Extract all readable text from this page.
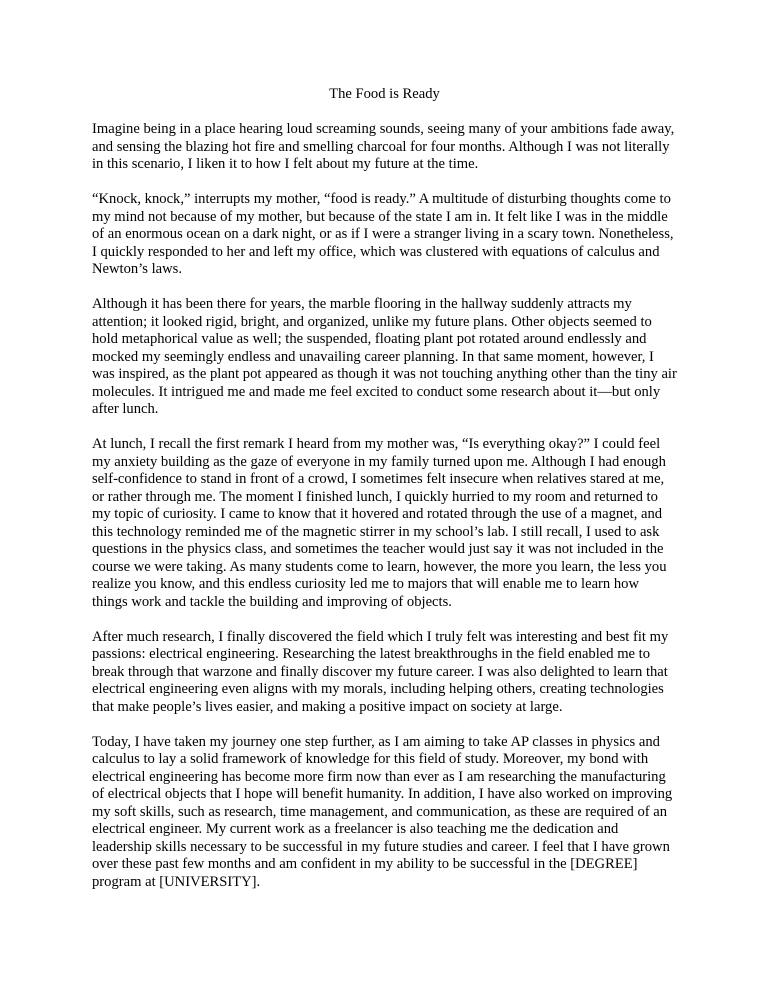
The Food is Ready

Imagine being in a place hearing loud screaming sounds, seeing many of your ambitions fade away, and sensing the blazing hot fire and smelling charcoal for four months. Although I was not literally in this scenario, I liken it to how I felt about my future at the time.

“Knock, knock,” interrupts my mother, “food is ready.” A multitude of disturbing thoughts come to my mind not because of my mother, but because of the state I am in. It felt like I was in the middle of an enormous ocean on a dark night, or as if I were a stranger living in a scary town. Nonetheless, I quickly responded to her and left my office, which was clustered with equations of calculus and Newton’s laws.

Although it has been there for years, the marble flooring in the hallway suddenly attracts my attention; it looked rigid, bright, and organized, unlike my future plans. Other objects seemed to hold metaphorical value as well; the suspended, floating plant pot rotated around endlessly and mocked my seemingly endless and unavailing career planning. In that same moment, however, I was inspired, as the plant pot appeared as though it was not touching anything other than the tiny air molecules. It intrigued me and made me feel excited to conduct some research about it—but only after lunch.

At lunch, I recall the first remark I heard from my mother was, “Is everything okay?” I could feel my anxiety building as the gaze of everyone in my family turned upon me. Although I had enough self-confidence to stand in front of a crowd, I sometimes felt insecure when relatives stared at me, or rather through me. The moment I finished lunch, I quickly hurried to my room and returned to my topic of curiosity. I came to know that it hovered and rotated through the use of a magnet, and this technology reminded me of the magnetic stirrer in my school’s lab. I still recall, I used to ask questions in the physics class, and sometimes the teacher would just say it was not included in the course we were taking. As many students come to learn, however, the more you learn, the less you realize you know, and this endless curiosity led me to majors that will enable me to learn how things work and tackle the building and improving of objects.

After much research, I finally discovered the field which I truly felt was interesting and best fit my passions: electrical engineering. Researching the latest breakthroughs in the field enabled me to break through that warzone and finally discover my future career. I was also delighted to learn that electrical engineering even aligns with my morals, including helping others, creating technologies that make people’s lives easier, and making a positive impact on society at large.

Today, I have taken my journey one step further, as I am aiming to take AP classes in physics and calculus to lay a solid framework of knowledge for this field of study. Moreover, my bond with electrical engineering has become more firm now than ever as I am researching the manufacturing of electrical objects that I hope will benefit humanity. In addition, I have also worked on improving my soft skills, such as research, time management, and communication, as these are required of an electrical engineer. My current work as a freelancer is also teaching me the dedication and leadership skills necessary to be successful in my future studies and career. I feel that I have grown over these past few months and am confident in my ability to be successful in the [DEGREE] program at [UNIVERSITY].
